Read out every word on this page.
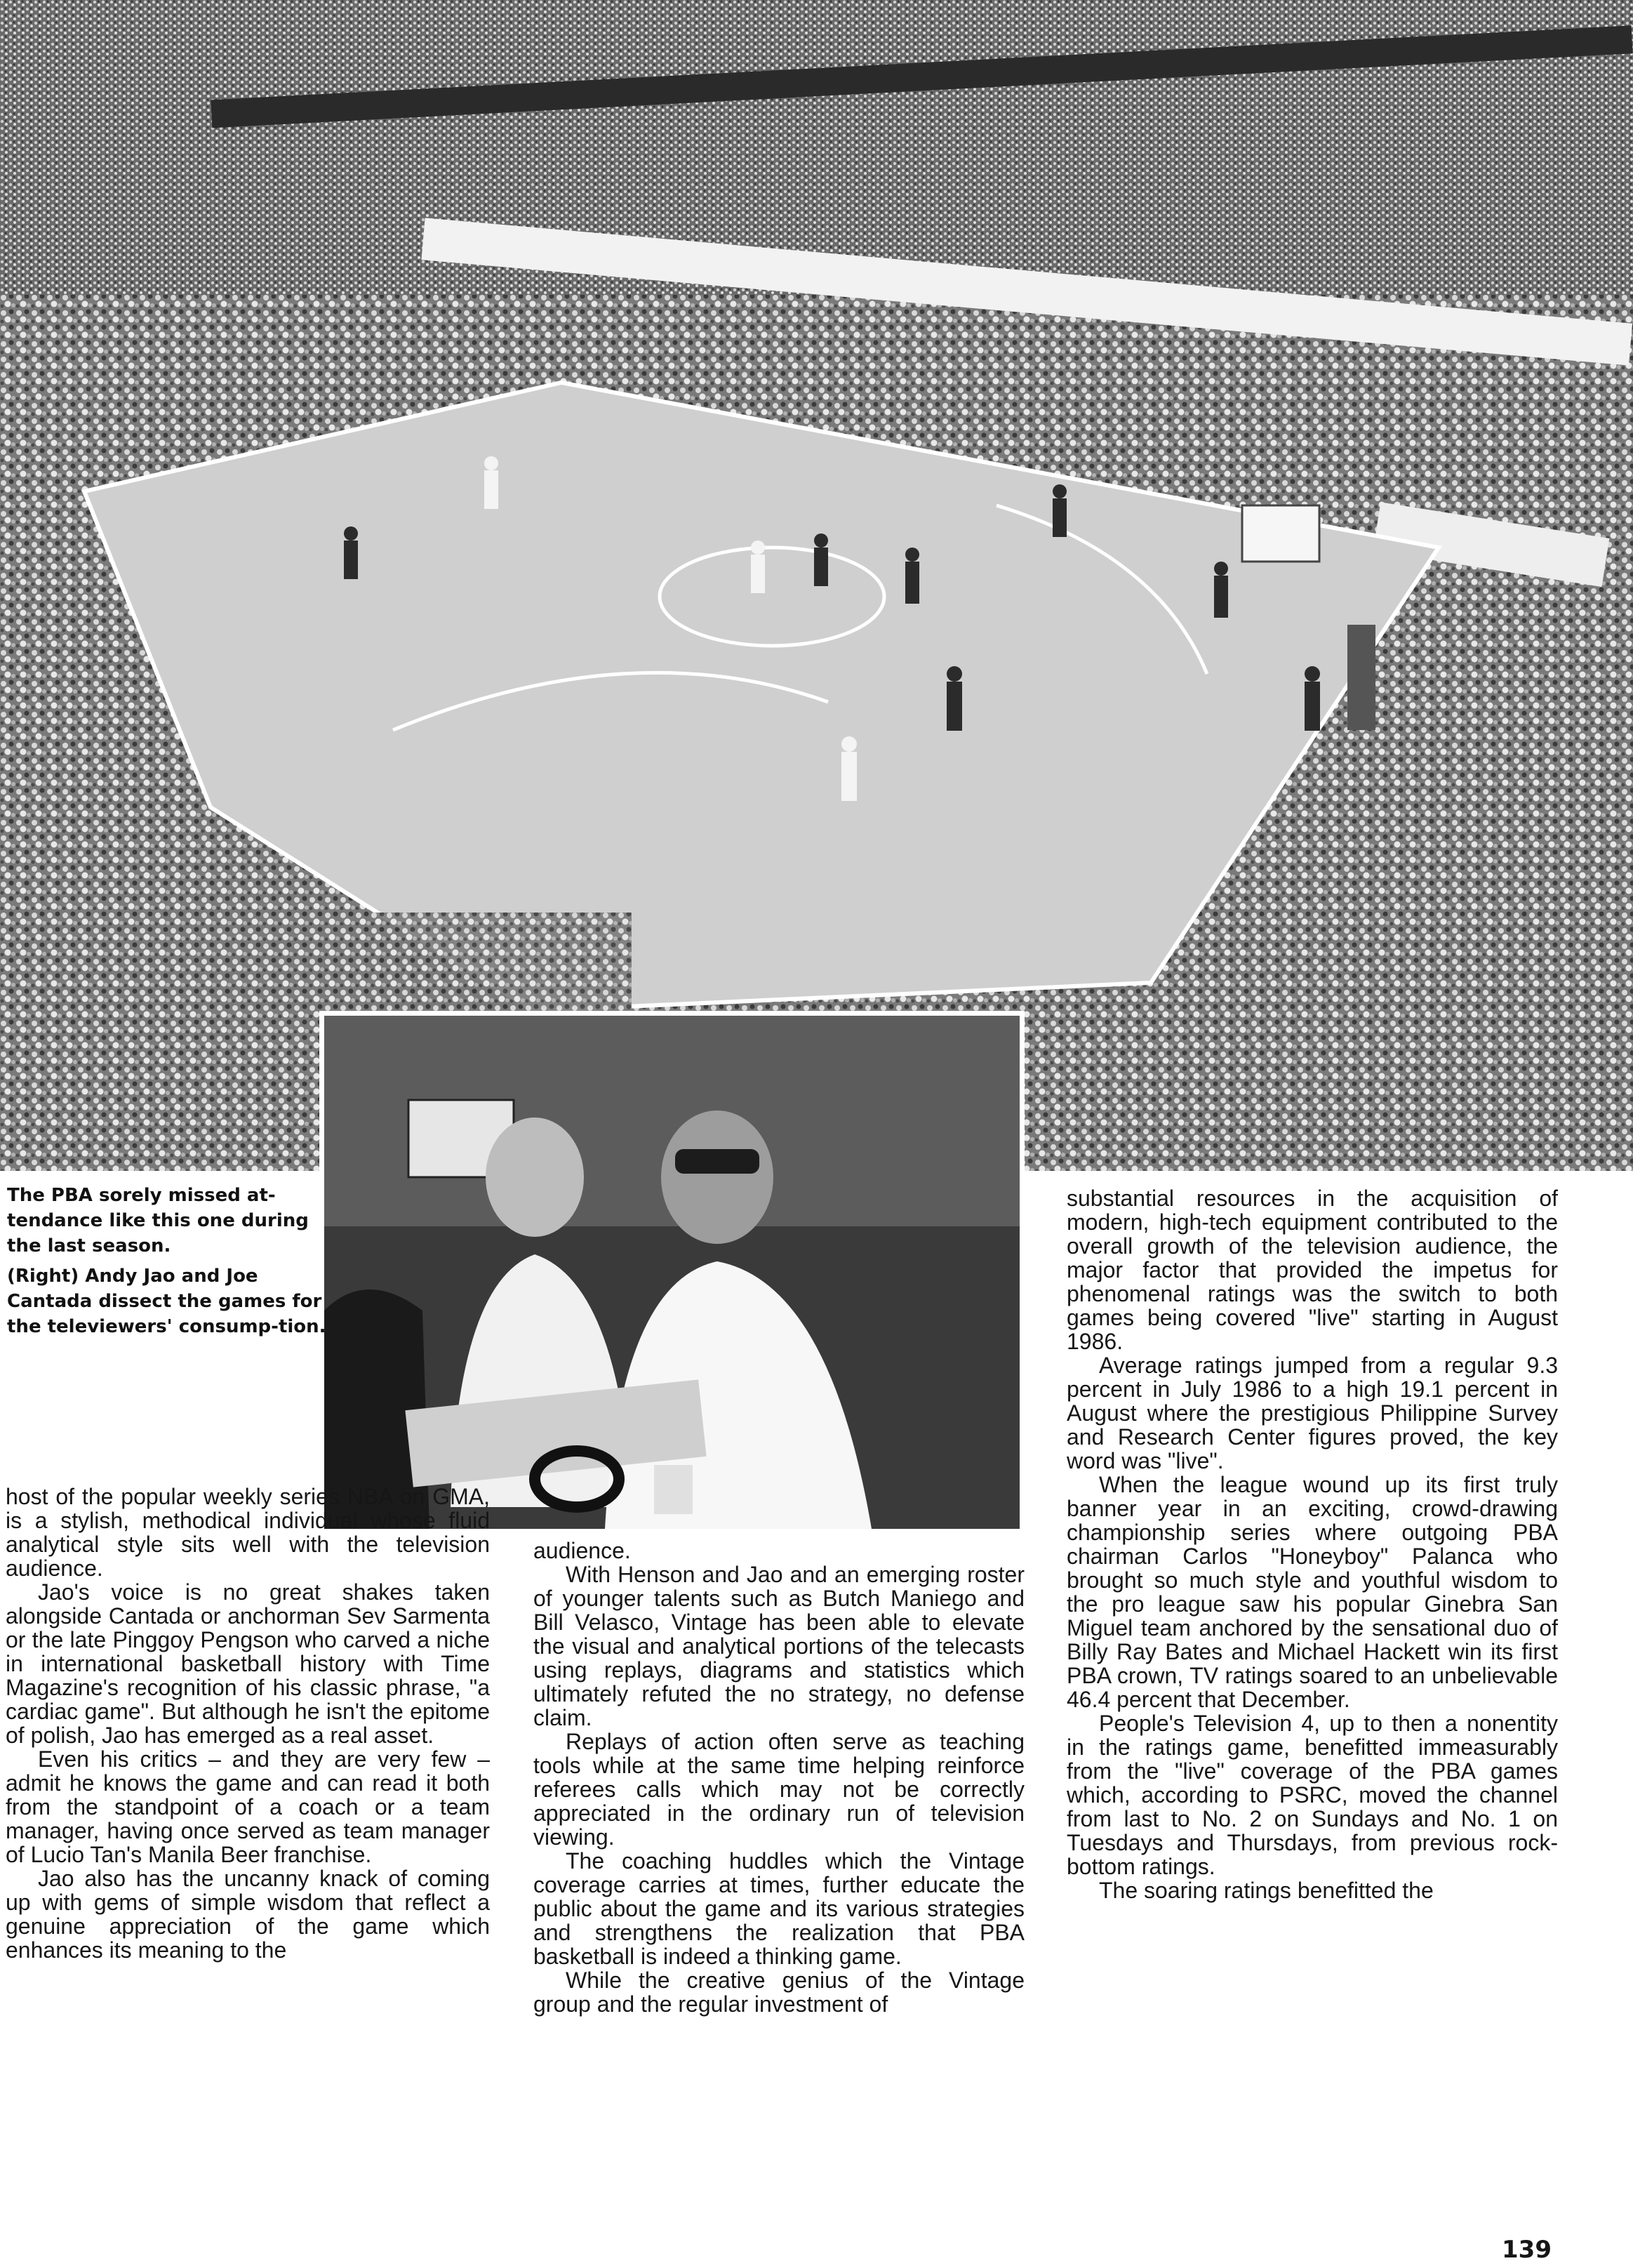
The PBA sorely missed at-tendance like this one during the last season.
(Right) Andy Jao and Joe Cantada dissect the games for the televiewers' consump-tion.

host of the popular weekly series NBA on GMA, is a stylish, methodical individual whose fluid analytical style sits well with the television audience.

Jao's voice is no great shakes taken alongside Cantada or anchorman Sev Sarmenta or the late Pinggoy Pengson who carved a niche in international basketball history with Time Magazine's recognition of his classic phrase, "a cardiac game". But although he isn't the epitome of polish, Jao has emerged as a real asset.

Even his critics – and they are very few – admit he knows the game and can read it both from the standpoint of a coach or a team manager, having once served as team manager of Lucio Tan's Manila Beer franchise.

Jao also has the uncanny knack of coming up with gems of simple wisdom that reflect a genuine appreciation of the game which enhances its meaning to the

audience.

With Henson and Jao and an emerging roster of younger talents such as Butch Maniego and Bill Velasco, Vintage has been able to elevate the visual and analytical portions of the telecasts using replays, diagrams and statistics which ultimately refuted the no strategy, no defense claim.

Replays of action often serve as teaching tools while at the same time helping reinforce referees calls which may not be correctly appreciated in the ordinary run of television viewing.

The coaching huddles which the Vintage coverage carries at times, further educate the public about the game and its various strategies and strengthens the realization that PBA basketball is indeed a thinking game.

While the creative genius of the Vintage group and the regular investment of

substantial resources in the acquisition of modern, high-tech equipment contributed to the overall growth of the television audience, the major factor that provided the impetus for phenomenal ratings was the switch to both games being covered "live" starting in August 1986.

Average ratings jumped from a regular 9.3 percent in July 1986 to a high 19.1 percent in August where the prestigious Philippine Survey and Research Center figures proved, the key word was "live".

When the league wound up its first truly banner year in an exciting, crowd-drawing championship series where outgoing PBA chairman Carlos "Honeyboy" Palanca who brought so much style and youthful wisdom to the pro league saw his popular Ginebra San Miguel team anchored by the sensational duo of Billy Ray Bates and Michael Hackett win its first PBA crown, TV ratings soared to an unbelievable 46.4 percent that December.

People's Television 4, up to then a nonentity in the ratings game, benefitted immeasurably from the "live" coverage of the PBA games which, according to PSRC, moved the channel from last to No. 2 on Sundays and No. 1 on Tuesdays and Thursdays, from previous rock-bottom ratings.

The soaring ratings benefitted the

139
